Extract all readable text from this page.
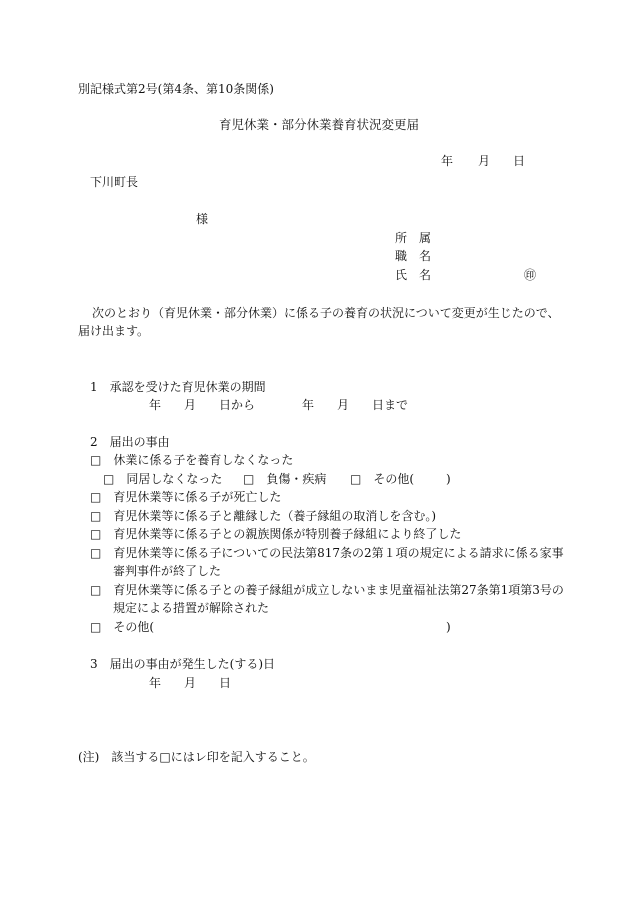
別記様式第2号(第4条、第10条関係)
育児休業・部分休業養育状況変更届
年 月 日
下川町長
様
所　属
職　名
氏　名	㊞
次のとおり（育児休業・部分休業）に係る子の養育の状況について変更が生じたので、
届け出ます。
1　承認を受けた育児休業の期間
年 月 日から	年 月 日まで
2　届出の事由
□　休業に係る子を養育しなくなった
□　同居しなくなった □　負傷・疾病 □　その他(	)
□　育児休業等に係る子が死亡した
□　育児休業等に係る子と離縁した（養子縁組の取消しを含む。)
□　育児休業等に係る子との親族関係が特別養子縁組により終了した
□　育児休業等に係る子についての民法第817条の2第１項の規定による請求に係る家事
審判事件が終了した
□　育児休業等に係る子との養子縁組が成立しないまま児童福祉法第27条第1項第3号の
規定による措置が解除された
□　その他(	)
3　届出の事由が発生した(する)日
年 月 日
(注)　該当する□にはレ印を記入すること。
